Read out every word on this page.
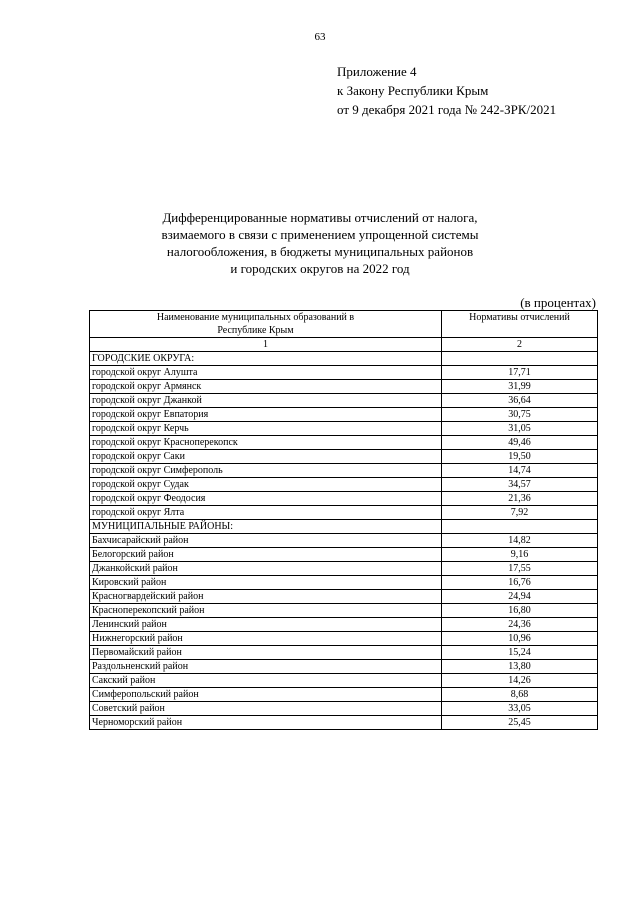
63
Приложение 4
к Закону Республики Крым
от 9 декабря 2021 года № 242-ЗРК/2021
Дифференцированные нормативы отчислений от налога,
взимаемого в связи с применением упрощенной системы
налогообложения, в бюджеты муниципальных районов
и городских округов на 2022 год
(в процентах)
Наименование муниципальных образований в Республике Крым	Нормативы отчислений
1	2
ГОРОДСКИЕ ОКРУГА:	
городской округ Алушта	17,71
городской округ Армянск	31,99
городской округ Джанкой	36,64
городской округ Евпатория	30,75
городской округ Керчь	31,05
городской округ Красноперекопск	49,46
городской округ Саки	19,50
городской округ Симферополь	14,74
городской округ Судак	34,57
городской округ Феодосия	21,36
городской округ Ялта	7,92
МУНИЦИПАЛЬНЫЕ РАЙОНЫ:	
Бахчисарайский район	14,82
Белогорский район	9,16
Джанкойский район	17,55
Кировский район	16,76
Красногвардейский район	24,94
Красноперекопский район	16,80
Ленинский район	24,36
Нижнегорский район	10,96
Первомайский район	15,24
Раздольненский район	13,80
Сакский район	14,26
Симферопольский район	8,68
Советский район	33,05
Черноморский район	25,45
